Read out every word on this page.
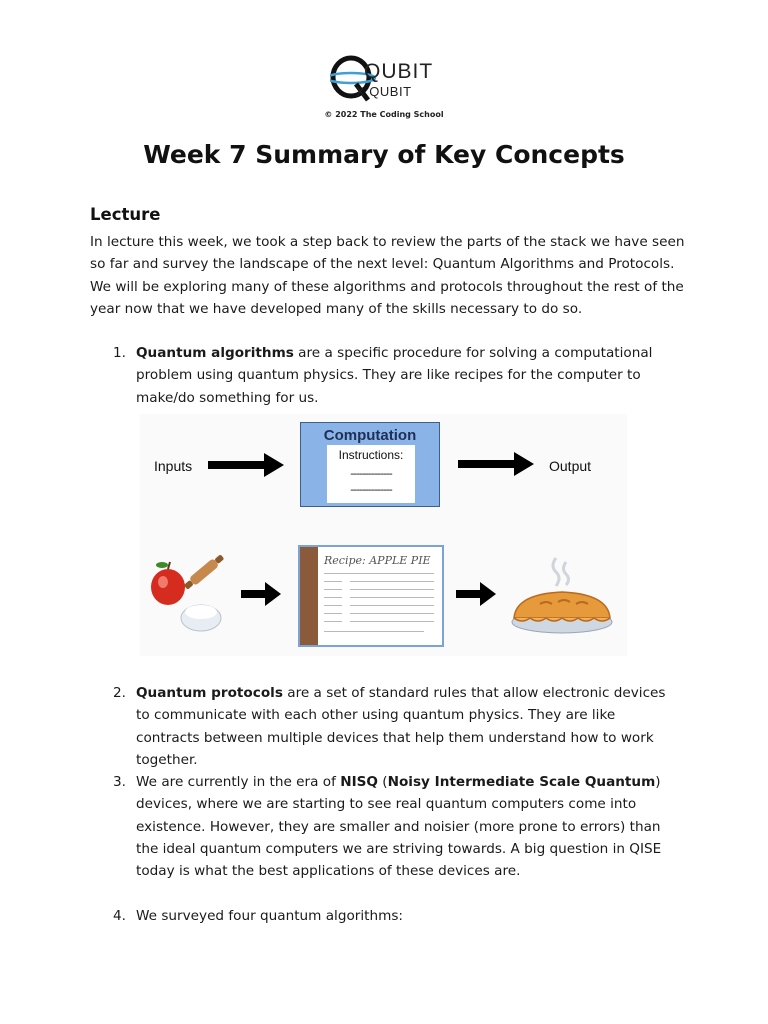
QUBIT
X QUBIT
© 2022 The Coding School
Week 7 Summary of Key Concepts
Lecture
In lecture this week, we took a step back to review the parts of the stack we have seen so far and survey the landscape of the next level: Quantum Algorithms and Protocols. We will be exploring many of these algorithms and protocols throughout the rest of the year now that we have developed many of the skills necessary to do so.
1. Quantum algorithms are a specific procedure for solving a computational problem using quantum physics. They are like recipes for the computer to make/do something for us.
Inputs
Computation
Instructions:
--------------
--------------
Output
Recipe: APPLE PIE
2. Quantum protocols are a set of standard rules that allow electronic devices to communicate with each other using quantum physics. They are like contracts between multiple devices that help them understand how to work together.
3. We are currently in the era of NISQ (Noisy Intermediate Scale Quantum) devices, where we are starting to see real quantum computers come into existence. However, they are smaller and noisier (more prone to errors) than the ideal quantum computers we are striving towards. A big question in QISE today is what the best applications of these devices are.
4. We surveyed four quantum algorithms:
